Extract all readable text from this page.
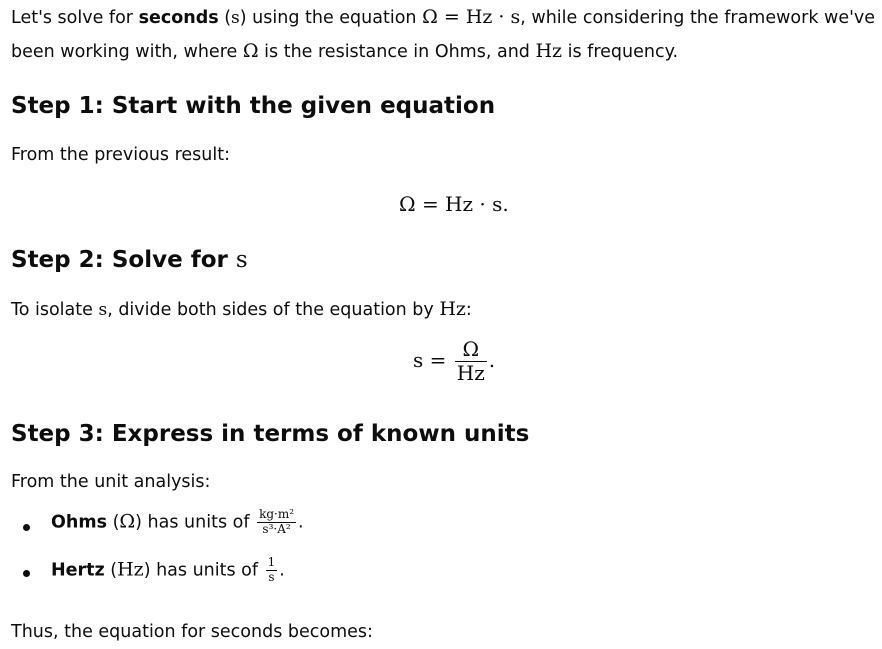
Let's solve for seconds (s) using the equation Ω = Hz · s, while considering the framework we've

been working with, where Ω is the resistance in Ohms, and Hz is frequency.

Step 1: Start with the given equation

From the previous result:

Ω = Hz · s.
Step 2: Solve for s

To isolate s, divide both sides of the equation by Hz:

$s = \frac{\Omega}{Hz}$ .
Step 3: Express in terms of known units

From the unit analysis:

Ohms (Ω) has units of $\frac{\text{kg·m²}}{\text{s³·A²}}$ .
Hertz (Hz) has units of $\frac{1}{s}$ .

Thus, the equation for seconds becomes:
